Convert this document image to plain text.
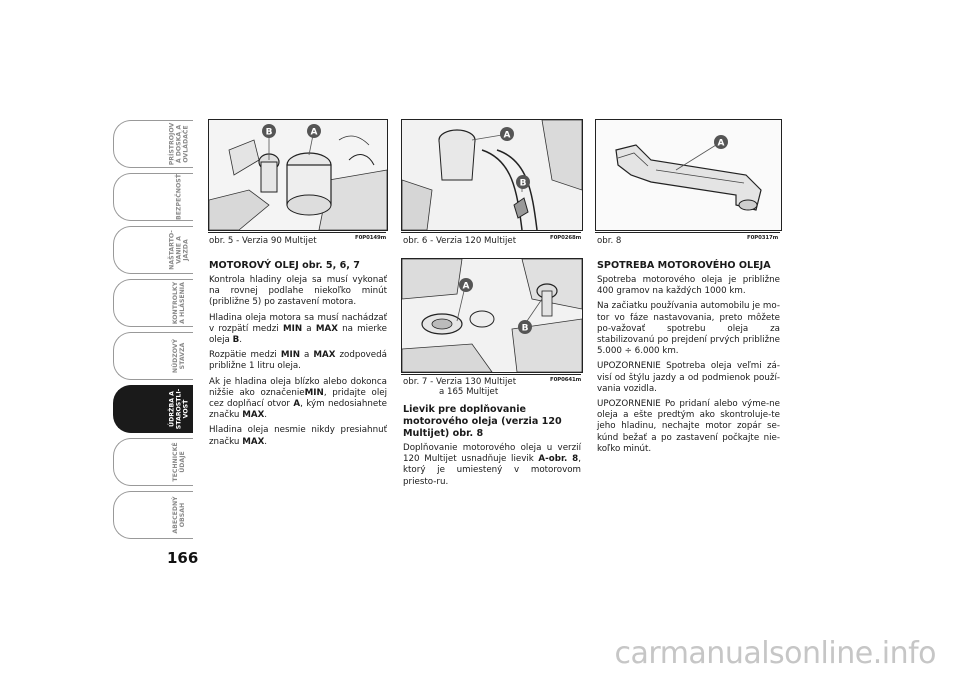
PRÍSTROJOV
Á DOSKA A
OVLÁDAČE
BEZPEČNOSŤ
NAŠTARTO-
VANIE A
JAZDA
KONTROLKY
A HLÁSENIA
NÚDZOVÝ
STAVZA
ÚDRŽBA A
STAROSTLI-
VOSŤ
TECHNICKÉ
ÚDAJE
ABECEDNÝ
OBSAH
166
B	A
obr. 5 - Verzia 90 Multijet	F0P0149m
A
B
obr. 6 - Verzia 120 Multijet	F0P0268m
A
obr. 8	F0P0317m
A
B
obr. 7 - Verzia 130 Multijet
a 165 Multijet
F0P0641m
MOTOROVÝ OLEJ obr. 5, 6, 7

Kontrola hladiny oleja sa musí vykonať na rovnej podlahe niekoľko minút (približne 5) po zastavení motora.

Hladina oleja motora sa musí nachádzať v rozpätí medzi MIN a MAX na mierke oleja B.

Rozpätie medzi MIN a MAX zodpovedá približne 1 litru oleja.

Ak je hladina oleja blízko alebo dokonca nižšie ako označenieMIN, pridajte olej cez doplňací otvor A, kým nedosiahnete značku MAX.

Hladina oleja nesmie nikdy presiahnuť značku MAX.

Lievik pre doplňovanie motorového oleja (verzia 120 Multijet) obr. 8

Doplňovanie motorového oleja u verzií 120 Multijet usnadňuje lievik A-obr. 8, ktorý je umiestený v motorovom priesto-ru.

SPOTREBA MOTOROVÉHO OLEJA

Spotreba motorového oleja je približne 400 gramov na každých 1000 km.

Na začiatku používania automobilu je mo-tor vo fáze nastavovania, preto môžete po-važovať spotrebu oleja za stabilizovanú po prejdení prvých približne 5.000 ÷ 6.000 km.

UPOZORNENIE Spotreba oleja veľmi zá-visí od štýlu jazdy a od podmienok použí-vania vozidla.

UPOZORNENIE Po pridaní alebo výme-ne oleja a ešte predtým ako skontroluje-te jeho hladinu, nechajte motor zopár se-kúnd bežať a po zastavení počkajte nie-koľko minút.

carmanualsonline.info
